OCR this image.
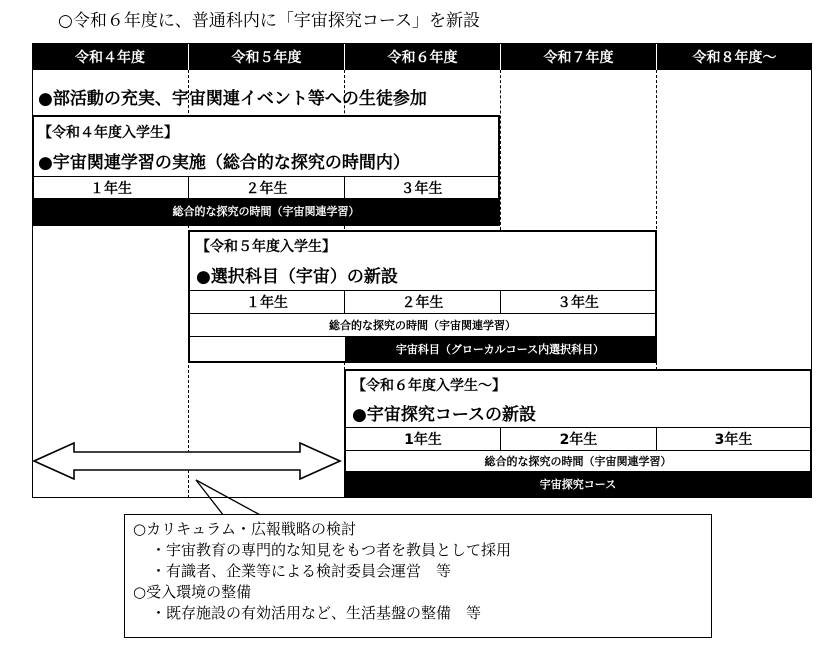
○令和６年度に、普通科内に「宇宙探究コース」を新設
令和４年度	令和５年度	令和６年度	令和７年度	令和８年度～
●部活動の充実、宇宙関連イベント等への生徒参加
【令和４年度入学生】
●宇宙関連学習の実施（総合的な探究の時間内）
１年生	２年生	３年生
総合的な探究の時間（宇宙関連学習）
【令和５年度入学生】
●選択科目（宇宙）の新設
１年生	２年生	３年生
総合的な探究の時間（宇宙関連学習）
宇宙科目（グローカルコース内選択科目）
【令和６年度入学生～】
●宇宙探究コースの新設
1年生	2年生	3年生
総合的な探究の時間（宇宙関連学習）
宇宙探究コース
○カリキュラム・広報戦略の検討
・宇宙教育の専門的な知見をもつ者を教員として採用
・有識者、企業等による検討委員会運営　等
○受入環境の整備
・既存施設の有効活用など、生活基盤の整備　等
